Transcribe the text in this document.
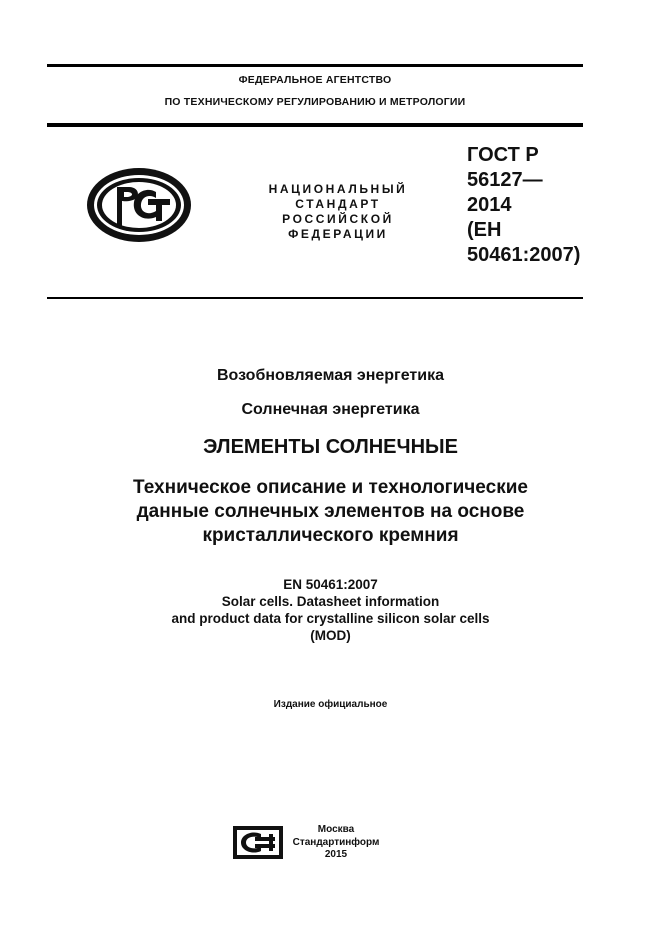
ФЕДЕРАЛЬНОЕ АГЕНТСТВО
ПО ТЕХНИЧЕСКОМУ РЕГУЛИРОВАНИЮ И МЕТРОЛОГИИ
НАЦИОНАЛЬНЫЙ
СТАНДАРТ
РОССИЙСКОЙ
ФЕДЕРАЦИИ
ГОСТ Р
56127—
2014
(ЕН
50461:2007)
Возобновляемая энергетика
Солнечная энергетика
ЭЛЕМЕНТЫ СОЛНЕЧНЫЕ
Техническое описание и технологические
данные солнечных элементов на основе
кристаллического кремния
EN 50461:2007
Solar cells. Datasheet information
and product data for crystalline silicon solar cells
(MOD)
Издание официальное
Москва
Стандартинформ
2015
